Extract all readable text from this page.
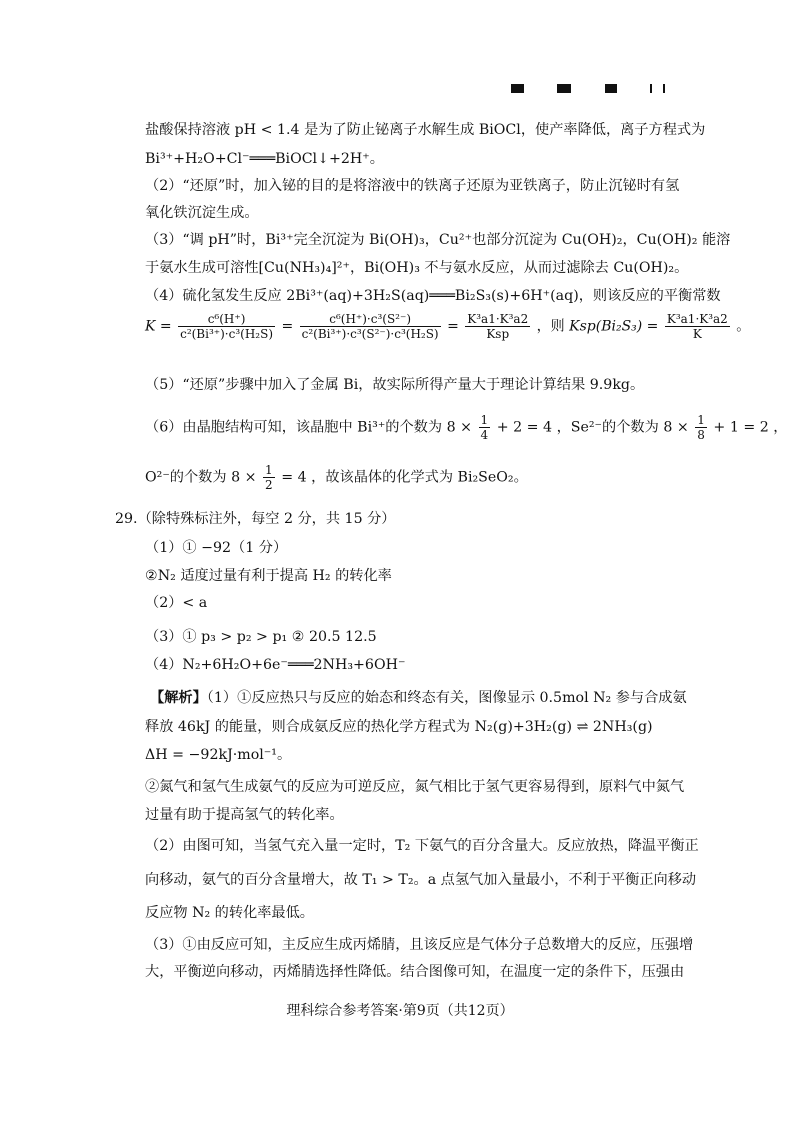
盐酸保持溶液 pH < 1.4 是为了防止铋离子水解生成 BiOCl，使产率降低，离子方程式为
Bi³⁺+H₂O+Cl⁻═══BiOCl↓+2H⁺。
（2）“还原”时，加入铋的目的是将溶液中的铁离子还原为亚铁离子，防止沉铋时有氢
氧化铁沉淀生成。
（3）“调 pH”时，Bi³⁺完全沉淀为 Bi(OH)₃，Cu²⁺也部分沉淀为 Cu(OH)₂，Cu(OH)₂ 能溶
于氨水生成可溶性[Cu(NH₃)₄]²⁺，Bi(OH)₃ 不与氨水反应，从而过滤除去 Cu(OH)₂。
（4）硫化氢发生反应 2Bi³⁺(aq)+3H₂S(aq)═══Bi₂S₃(s)+6H⁺(aq)，则该反应的平衡常数
$K = \frac{\text{c⁶(H⁺)}}{\text{c²(Bi³⁺)·c³(H₂S)}} = \frac{\text{c⁶(H⁺)·c³(S²⁻)}}{\text{c²(Bi³⁺)·c³(S²⁻)·c³(H₂S)}} = \frac{\text{K³a1·K³a2}}{\text{Ksp}}$ ，则 $Ksp(Bi_2S_3) = \frac{\text{K³a1·K³a2}}{K}$ 。
（5）“还原”步骤中加入了金属 Bi，故实际所得产量大于理论计算结果 9.9kg。
（6）由晶胞结构可知，该晶胞中 Bi³⁺的个数为 $8 \times \frac{1}{4} + 2 = 4$ ，Se²⁻的个数为 $8 \times \frac{1}{8} + 1 = 2$ ，
O²⁻的个数为 $8 \times \frac{1}{2} = 4$ ，故该晶体的化学式为 Bi₂SeO₂。
29.（除特殊标注外，每空 2 分，共 15 分）
（1）① −92（1 分）
②N₂ 适度过量有利于提高 H₂ 的转化率
（2）< a
（3）① p₃ > p₂ > p₁ ② 20.5 12.5
（4）N₂+6H₂O+6e⁻═══2NH₃+6OH⁻
【解析】（1）①反应热只与反应的始态和终态有关，图像显示 0.5mol N₂ 参与合成氨
释放 46kJ 的能量，则合成氨反应的热化学方程式为 N₂(g)+3H₂(g) ⇌ 2NH₃(g)
ΔH = −92kJ·mol⁻¹。
②氮气和氢气生成氨气的反应为可逆反应，氮气相比于氢气更容易得到，原料气中氮气
过量有助于提高氢气的转化率。
（2）由图可知，当氢气充入量一定时，T₂ 下氨气的百分含量大。反应放热，降温平衡正
向移动，氨气的百分含量增大，故 T₁ > T₂。a 点氢气加入量最小，不利于平衡正向移动
反应物 N₂ 的转化率最低。
（3）①由反应可知，主反应生成丙烯腈，且该反应是气体分子总数增大的反应，压强增
大，平衡逆向移动，丙烯腈选择性降低。结合图像可知，在温度一定的条件下，压强由
理科综合参考答案·第9页（共12页）
